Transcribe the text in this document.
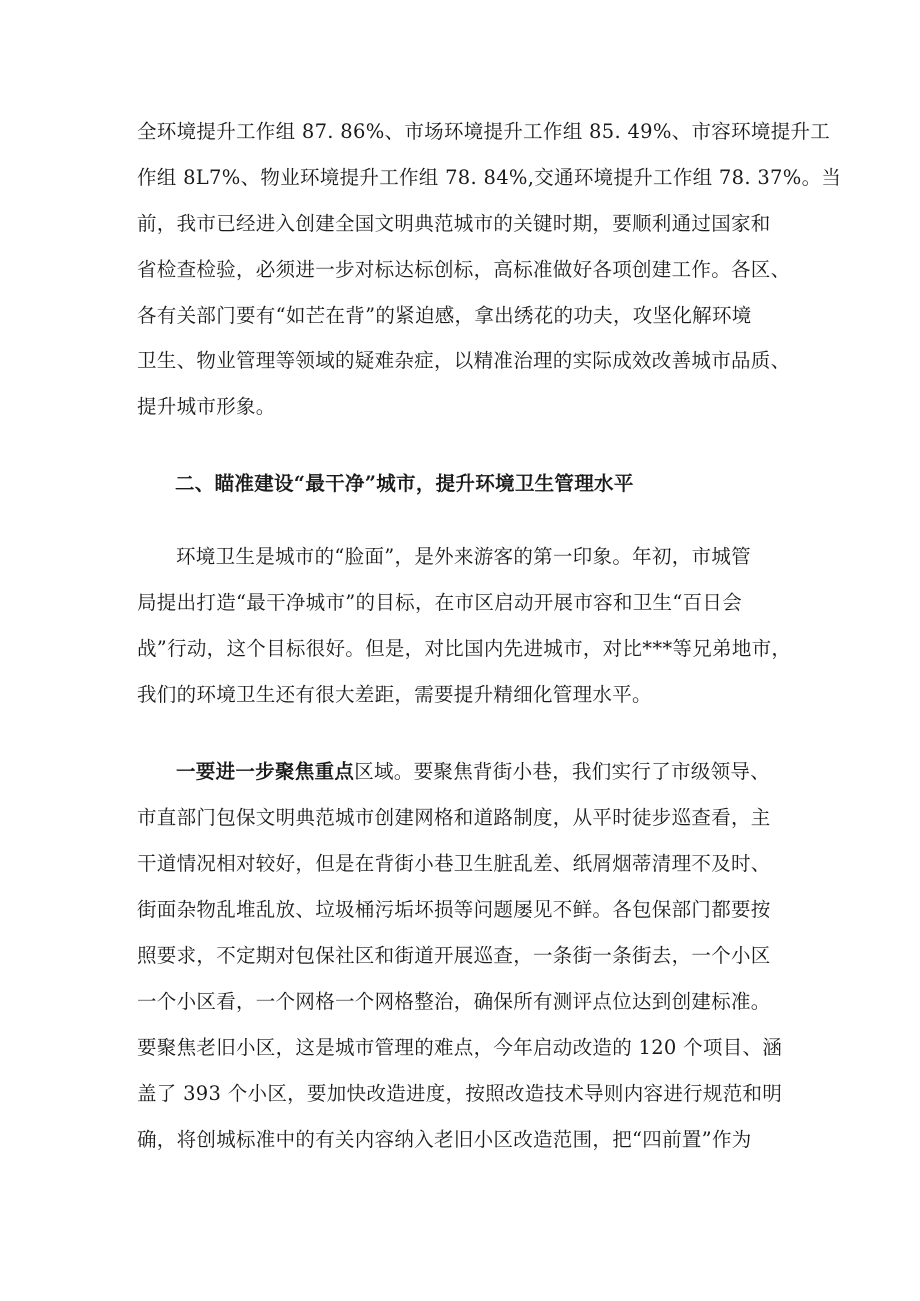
全环境提升工作组 87. 86%、市场环境提升工作组 85. 49%、市容环境提升工
作组 8L7%、物业环境提升工作组 78. 84%,交通环境提升工作组 78. 37%。当
前，我市已经进入创建全国文明典范城市的关键时期，要顺利通过国家和
省检查检验，必须进一步对标达标创标，高标准做好各项创建工作。各区、
各有关部门要有“如芒在背”的紧迫感，拿出绣花的功夫，攻坚化解环境
卫生、物业管理等领域的疑难杂症，以精准治理的实际成效改善城市品质、
提升城市形象。
二、瞄准建设“最干净”城市，提升环境卫生管理水平
环境卫生是城市的“脸面”，是外来游客的第一印象。年初，市城管
局提出打造“最干净城市”的目标，在市区启动开展市容和卫生“百日会
战”行动，这个目标很好。但是，对比国内先进城市，对比***等兄弟地市，
我们的环境卫生还有很大差距，需要提升精细化管理水平。
一要进一步聚焦重点区域。要聚焦背街小巷，我们实行了市级领导、
市直部门包保文明典范城市创建网格和道路制度，从平时徒步巡查看，主
干道情况相对较好，但是在背街小巷卫生脏乱差、纸屑烟蒂清理不及时、
街面杂物乱堆乱放、垃圾桶污垢坏损等问题屡见不鲜。各包保部门都要按
照要求，不定期对包保社区和街道开展巡查，一条街一条街去，一个小区
一个小区看，一个网格一个网格整治，确保所有测评点位达到创建标准。
要聚焦老旧小区，这是城市管理的难点，今年启动改造的 120 个项目、涵
盖了 393 个小区，要加快改造进度，按照改造技术导则内容进行规范和明
确，将创城标准中的有关内容纳入老旧小区改造范围，把“四前置”作为
